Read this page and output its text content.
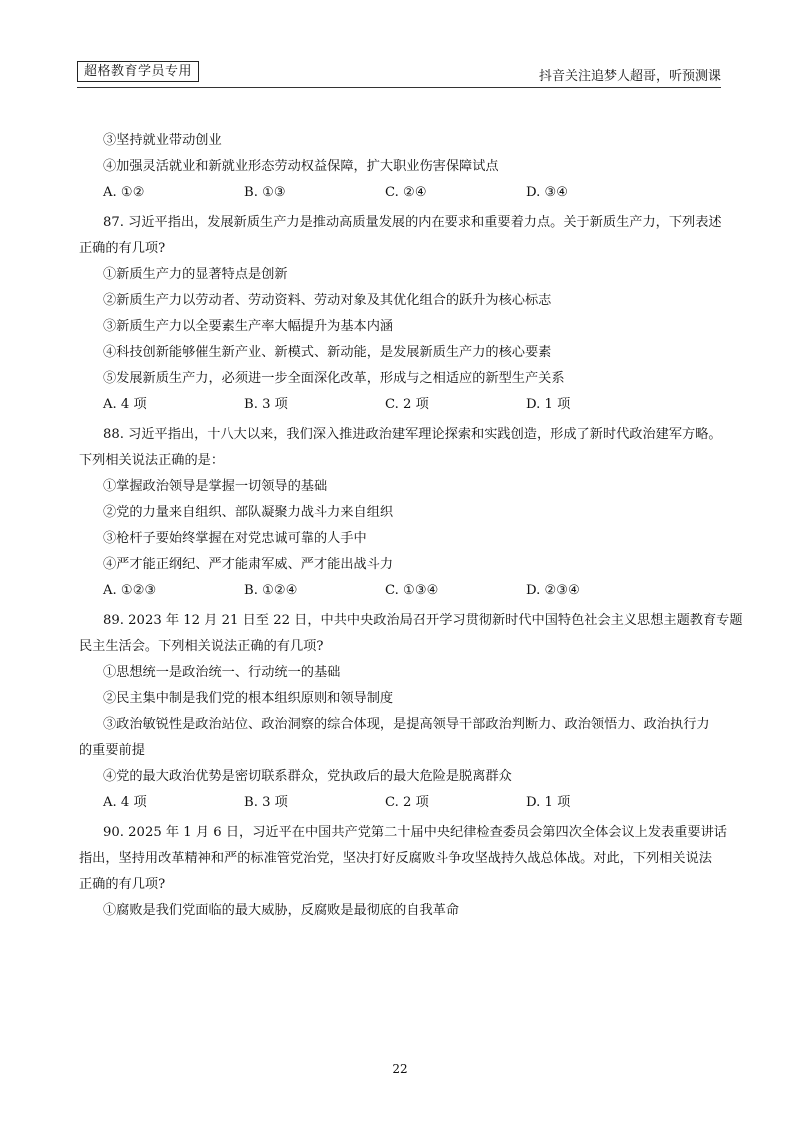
超格教育学员专用	抖音关注追梦人超哥，听预测课
③坚持就业带动创业
④加强灵活就业和新就业形态劳动权益保障，扩大职业伤害保障试点
A. ①②	B. ①③	C. ②④	D. ③④
87. 习近平指出，发展新质生产力是推动高质量发展的内在要求和重要着力点。关于新质生产力，下列表述
正确的有几项?
①新质生产力的显著特点是创新
②新质生产力以劳动者、劳动资料、劳动对象及其优化组合的跃升为核心标志
③新质生产力以全要素生产率大幅提升为基本内涵
④科技创新能够催生新产业、新模式、新动能，是发展新质生产力的核心要素
⑤发展新质生产力，必须进一步全面深化改革，形成与之相适应的新型生产关系
A. 4 项	B. 3 项	C. 2 项	D. 1 项
88. 习近平指出，十八大以来，我们深入推进政治建军理论探索和实践创造，形成了新时代政治建军方略。
下列相关说法正确的是：
①掌握政治领导是掌握一切领导的基础
②党的力量来自组织、部队凝聚力战斗力来自组织
③枪杆子要始终掌握在对党忠诚可靠的人手中
④严才能正纲纪、严才能肃军威、严才能出战斗力
A. ①②③	B. ①②④	C. ①③④	D. ②③④
89. 2023 年 12 月 21 日至 22 日，中共中央政治局召开学习贯彻新时代中国特色社会主义思想主题教育专题
民主生活会。下列相关说法正确的有几项?
①思想统一是政治统一、行动统一的基础
②民主集中制是我们党的根本组织原则和领导制度
③政治敏锐性是政治站位、政治洞察的综合体现，是提高领导干部政治判断力、政治领悟力、政治执行力
的重要前提
④党的最大政治优势是密切联系群众，党执政后的最大危险是脱离群众
A. 4 项	B. 3 项	C. 2 项	D. 1 项
90. 2025 年 1 月 6 日，习近平在中国共产党第二十届中央纪律检查委员会第四次全体会议上发表重要讲话
指出，坚持用改革精神和严的标准管党治党，坚决打好反腐败斗争攻坚战持久战总体战。对此，下列相关说法
正确的有几项?
①腐败是我们党面临的最大威胁，反腐败是最彻底的自我革命
22
